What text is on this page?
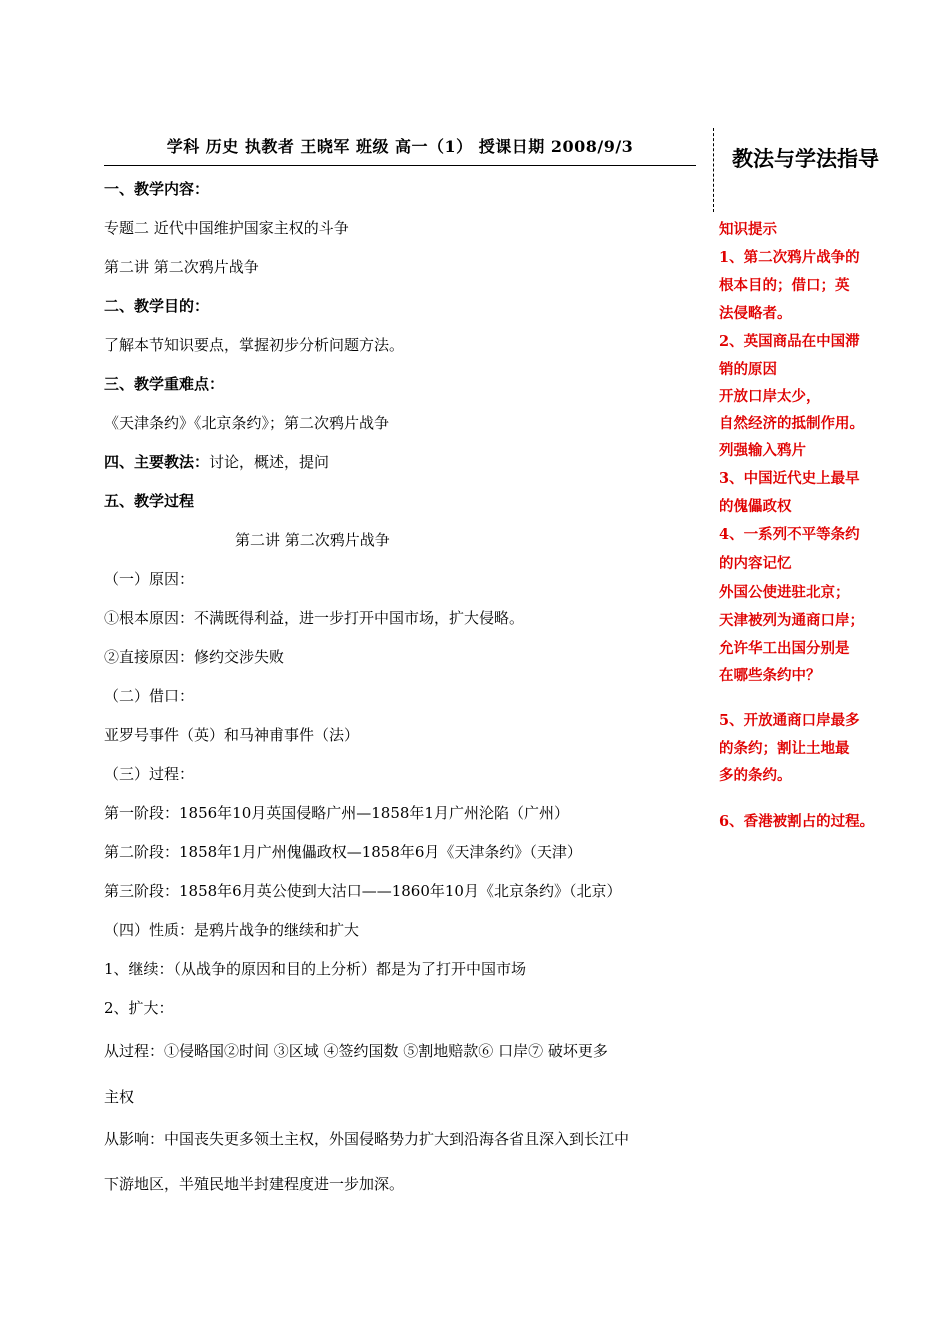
学科 历史 执教者 王晓军 班级 高一（1） 授课日期 2008/9/3
一、教学内容：
专题二 近代中国维护国家主权的斗争
第二讲 第二次鸦片战争
二、教学目的：
了解本节知识要点，掌握初步分析问题方法。
三、教学重难点：
《天津条约》《北京条约》；第二次鸦片战争
四、主要教法：讨论，概述，提问
五、教学过程
第二讲 第二次鸦片战争
（一）原因：
①根本原因：不满既得利益，进一步打开中国市场，扩大侵略。
②直接原因：修约交涉失败
（二）借口：
亚罗号事件（英）和马神甫事件（法）
（三）过程：
第一阶段：1856年10月英国侵略广州—1858年1月广州沦陷（广州）
第二阶段：1858年1月广州傀儡政权—1858年6月《天津条约》（天津）
第三阶段：1858年6月英公使到大沽口——1860年10月《北京条约》（北京）
（四）性质：是鸦片战争的继续和扩大
1、继续：（从战争的原因和目的上分析）都是为了打开中国市场
2、扩大：
从过程：①侵略国②时间 ③区域 ④签约国数 ⑤割地赔款⑥ 口岸⑦ 破坏更多
主权
从影响：中国丧失更多领土主权，外国侵略势力扩大到沿海各省且深入到长江中
下游地区，半殖民地半封建程度进一步加深。
教法与学法指导
知识提示
1、第二次鸦片战争的
根本目的；借口；英
法侵略者。
2、英国商品在中国滞
销的原因
开放口岸太少，
自然经济的抵制作用。
列强输入鸦片
3、中国近代史上最早
的傀儡政权
4、一系列不平等条约
的内容记忆
外国公使进驻北京；
天津被列为通商口岸；
允许华工出国分别是
在哪些条约中？
5、开放通商口岸最多
的条约；割让土地最
多的条约。
6、香港被割占的过程。
